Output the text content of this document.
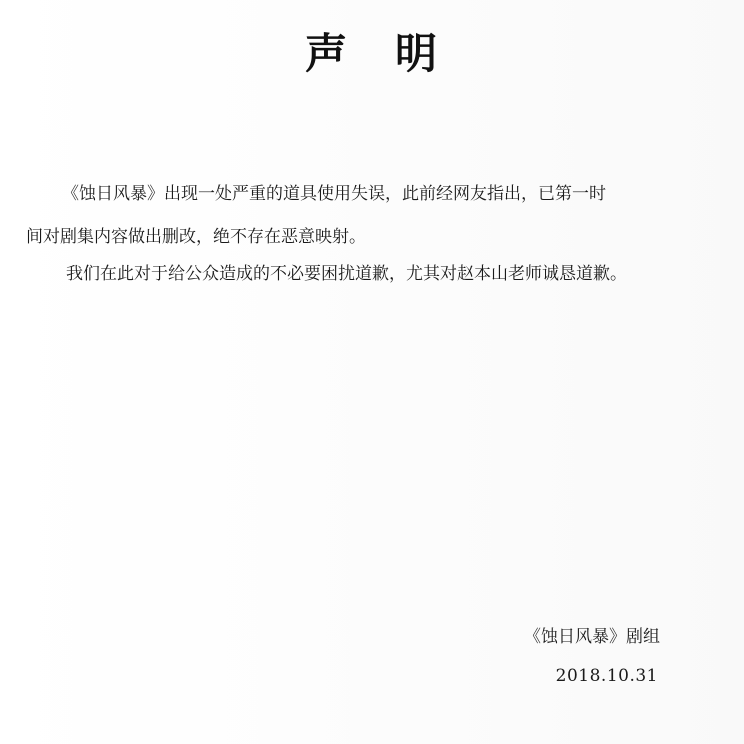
声 明
《蚀日风暴》出现一处严重的道具使用失误，此前经网友指出，已第一时
间对剧集内容做出删改，绝不存在恶意映射。
我们在此对于给公众造成的不必要困扰道歉，尤其对赵本山老师诚恳道歉。
《蚀日风暴》剧组
2018.10.31
